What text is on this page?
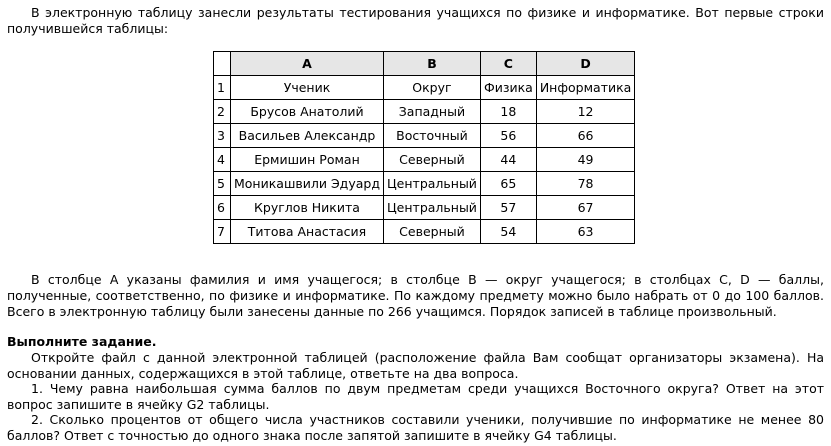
В электронную таблицу занесли результаты тестирования учащихся по физике и информатике. Вот первые строки получившейся таблицы:

	A	B	C	D
1	Ученик	Округ	Физика	Информатика
2	Брусов Анатолий	Западный	18	12
3	Васильев Александр	Восточный	56	66
4	Ермишин Роман	Северный	44	49
5	Моникашвили Эдуард	Центральный	65	78
6	Круглов Никита	Центральный	57	67
7	Титова Анастасия	Северный	54	63

В столбце A указаны фамилия и имя учащегося; в столбце B — округ учащегося; в столбцах C, D — баллы, полученные, соответственно, по физике и информатике. По каждому предмету можно было набрать от 0 до 100 баллов. Всего в электронную таблицу были занесены данные по 266 учащимся. Порядок записей в таблице произвольный.

Выполните задание.

Откройте файл с данной электронной таблицей (расположение файла Вам сообщат организаторы экзамена). На основании данных, содержащихся в этой таблице, ответьте на два вопроса.

1. Чему равна наибольшая сумма баллов по двум предметам среди учащихся Восточного округа? Ответ на этот вопрос запишите в ячейку G2 таблицы.

2. Сколько процентов от общего числа участников составили ученики, получившие по информатике не менее 80 баллов? Ответ с точностью до одного знака после запятой запишите в ячейку G4 таблицы.
